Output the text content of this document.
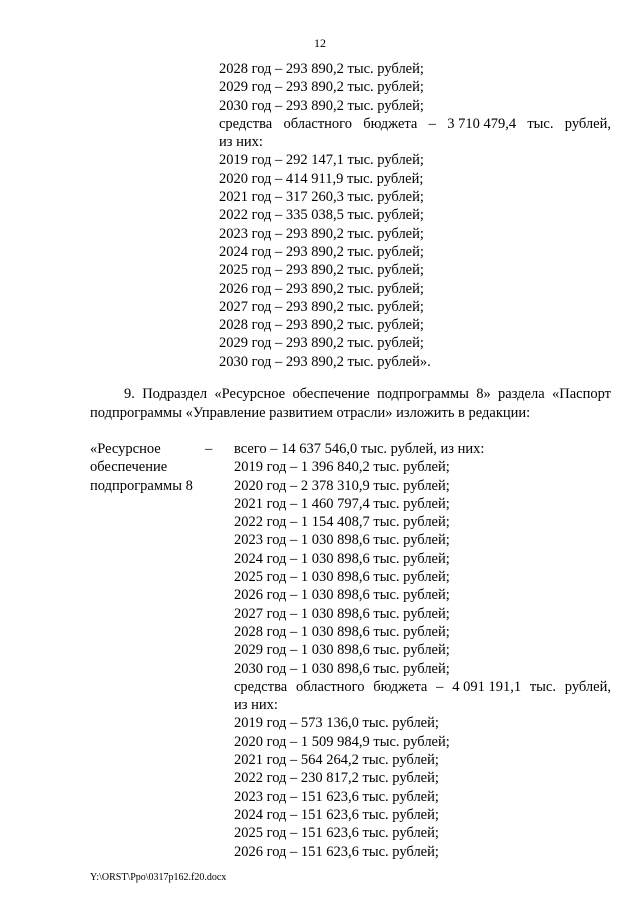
12
2028 год – 293 890,2 тыс. рублей;
2029 год – 293 890,2 тыс. рублей;
2030 год – 293 890,2 тыс. рублей;
средства областного бюджета – 3 710 479,4 тыс. рублей,
из них:
2019 год – 292 147,1 тыс. рублей;
2020 год – 414 911,9 тыс. рублей;
2021 год – 317 260,3 тыс. рублей;
2022 год – 335 038,5 тыс. рублей;
2023 год – 293 890,2 тыс. рублей;
2024 год – 293 890,2 тыс. рублей;
2025 год – 293 890,2 тыс. рублей;
2026 год – 293 890,2 тыс. рублей;
2027 год – 293 890,2 тыс. рублей;
2028 год – 293 890,2 тыс. рублей;
2029 год – 293 890,2 тыс. рублей;
2030 год – 293 890,2 тыс. рублей».
9. Подраздел «Ресурсное обеспечение подпрограммы 8» раздела «Паспорт
подпрограммы «Управление развитием отрасли» изложить в редакции:
«Ресурсное
обеспечение
подпрограммы 8
– всего – 14 637 546,0 тыс. рублей, из них:
2019 год – 1 396 840,2 тыс. рублей;
2020 год – 2 378 310,9 тыс. рублей;
2021 год – 1 460 797,4 тыс. рублей;
2022 год – 1 154 408,7 тыс. рублей;
2023 год – 1 030 898,6 тыс. рублей;
2024 год – 1 030 898,6 тыс. рублей;
2025 год – 1 030 898,6 тыс. рублей;
2026 год – 1 030 898,6 тыс. рублей;
2027 год – 1 030 898,6 тыс. рублей;
2028 год – 1 030 898,6 тыс. рублей;
2029 год – 1 030 898,6 тыс. рублей;
2030 год – 1 030 898,6 тыс. рублей;
средства областного бюджета – 4 091 191,1 тыс. рублей,
из них:
2019 год – 573 136,0 тыс. рублей;
2020 год – 1 509 984,9 тыс. рублей;
2021 год – 564 264,2 тыс. рублей;
2022 год – 230 817,2 тыс. рублей;
2023 год – 151 623,6 тыс. рублей;
2024 год – 151 623,6 тыс. рублей;
2025 год – 151 623,6 тыс. рублей;
2026 год – 151 623,6 тыс. рублей;
Y:\ORST\Ppo\0317p162.f20.docx
